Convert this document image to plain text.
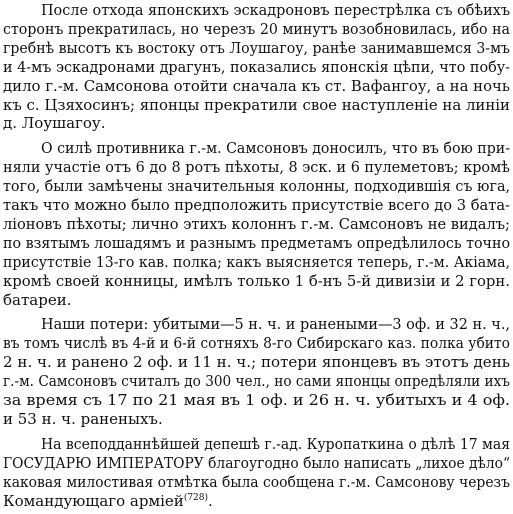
После отхода японскихъ эскадроновъ перестрѣлка съ обѣихъ
сторонъ прекратилась, но черезъ 20 минутъ возобновилась, ибо на
гребнѣ высотъ къ востоку отъ Лоушагоу, ранѣе занимавшемся 3-мъ
и 4-мъ эскадронами драгунъ, показались японскія цѣпи, что побу-
дило г.-м. Самсонова отойти сначала къ ст. Вафангоу, а на ночь
къ с. Цзяхосинъ; японцы прекратили свое наступленіе на линіи
д. Лоушагоу.
О силѣ противника г.-м. Самсоновъ доносилъ, что въ бою при-
няли участіе отъ 6 до 8 ротъ пѣхоты, 8 эск. и 6 пулеметовъ; кромѣ
того, были замѣчены значительныя колонны, подходившія съ юга,
такъ что можно было предположить присутствіе всего до 3 бата-
ліоновъ пѣхоты; лично этихъ колоннъ г.-м. Самсоновъ не видалъ;
по взятымъ лошадямъ и разнымъ предметамъ опредѣлилось точно
присутствіе 13-го кав. полка; какъ выясняется теперь, г.-м. Акіама,
кромѣ своей конницы, имѣлъ только 1 б-нъ 5-й дивизіи и 2 горн.
батареи.
Наши потери: убитыми—5 н. ч. и ранеными—3 оф. и 32 н. ч.,
въ томъ числѣ въ 4-й и 6-й сотняхъ 8-го Сибирскаго каз. полка убито
2 н. ч. и ранено 2 оф. и 11 н. ч.; потери японцевъ въ этотъ день
г.-м. Самсоновъ считалъ до 300 чел., но сами японцы опредѣляли ихъ
за время съ 17 по 21 мая въ 1 оф. и 26 н. ч. убитыхъ и 4 оф.
и 53 н. ч. раненыхъ.
На всеподданнѣйшей депешѣ г.-ад. Куропаткина о дѣлѣ 17 мая
ГОСУДАРЮ ИМПЕРАТОРУ благоугодно было написать „лихое дѣло“
каковая милостивая отмѣтка была сообщена г.-м. Самсонову черезъ
Командующаго арміей$^{(728)}$.
